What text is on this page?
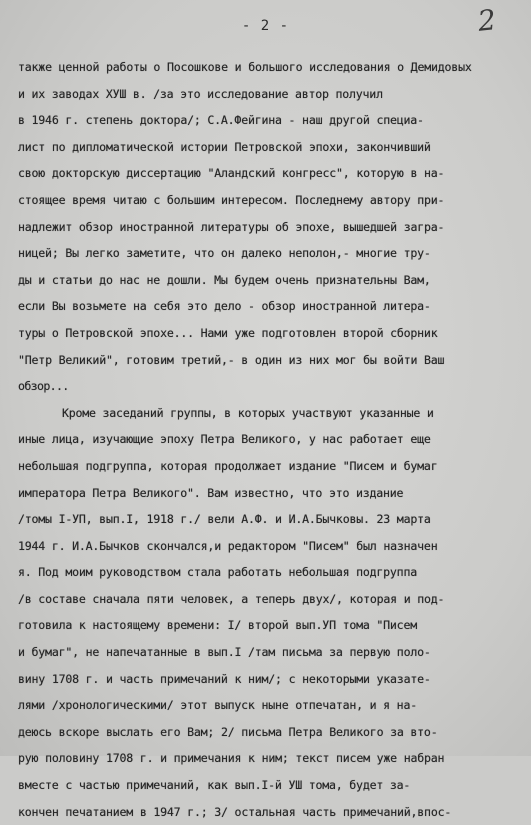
- 2 -	2
также ценной работы о Посошкове и большого исследования о Демидовых
и их заводах ХУШ в. /за это исследование автор получил
в 1946 г. степень доктора/; С.А.Фейгина - наш другой специа-
лист по дипломатической истории Петровской эпохи, закончивший
свою докторскую диссертацию "Аландский конгресс", которую в на-
стоящее время читаю с большим интересом. Последнему автору при-
надлежит обзор иностранной литературы об эпохе, вышедшей загра-
ницей; Вы легко заметите, что он далеко неполон,- многие тру-
ды и статьи до нас не дошли. Мы будем очень признательны Вам,
если Вы возьмете на себя это дело - обзор иностранной литера-
туры о Петровской эпохе... Нами уже подготовлен второй сборник
"Петр Великий", готовим третий,- в один из них мог бы войти Ваш
обзор...
Кроме заседаний группы, в которых участвуют указанные и
иные лица, изучающие эпоху Петра Великого, у нас работает еще
небольшая подгруппа, которая продолжает издание "Писем и бумаг
императора Петра Великого". Вам известно, что это издание
/томы I-УП, вып.I, 1918 г./ вели А.Ф. и И.А.Бычковы. 23 марта
1944 г. И.А.Бычков скончался,и редактором "Писем" был назначен
я. Под моим руководством стала работать небольшая подгруппа
/в составе сначала пяти человек, а теперь двух/, которая и под-
готовила к настоящему времени: I/ второй вып.УП тома "Писем
и бумаг", не напечатанные в вып.I /там письма за первую поло-
вину 1708 г. и часть примечаний к ним/; с некоторыми указате-
лями /хронологическими/ этот выпуск ныне отпечатан, и я на-
деюсь вскоре выслать его Вам; 2/ письма Петра Великого за вто-
рую половину 1708 г. и примечания к ним; текст писем уже набран
вместе с частью примечаний, как вып.I-й УШ тома, будет за-
кончен печатанием в 1947 г.; 3/ остальная часть примечаний,впос-
